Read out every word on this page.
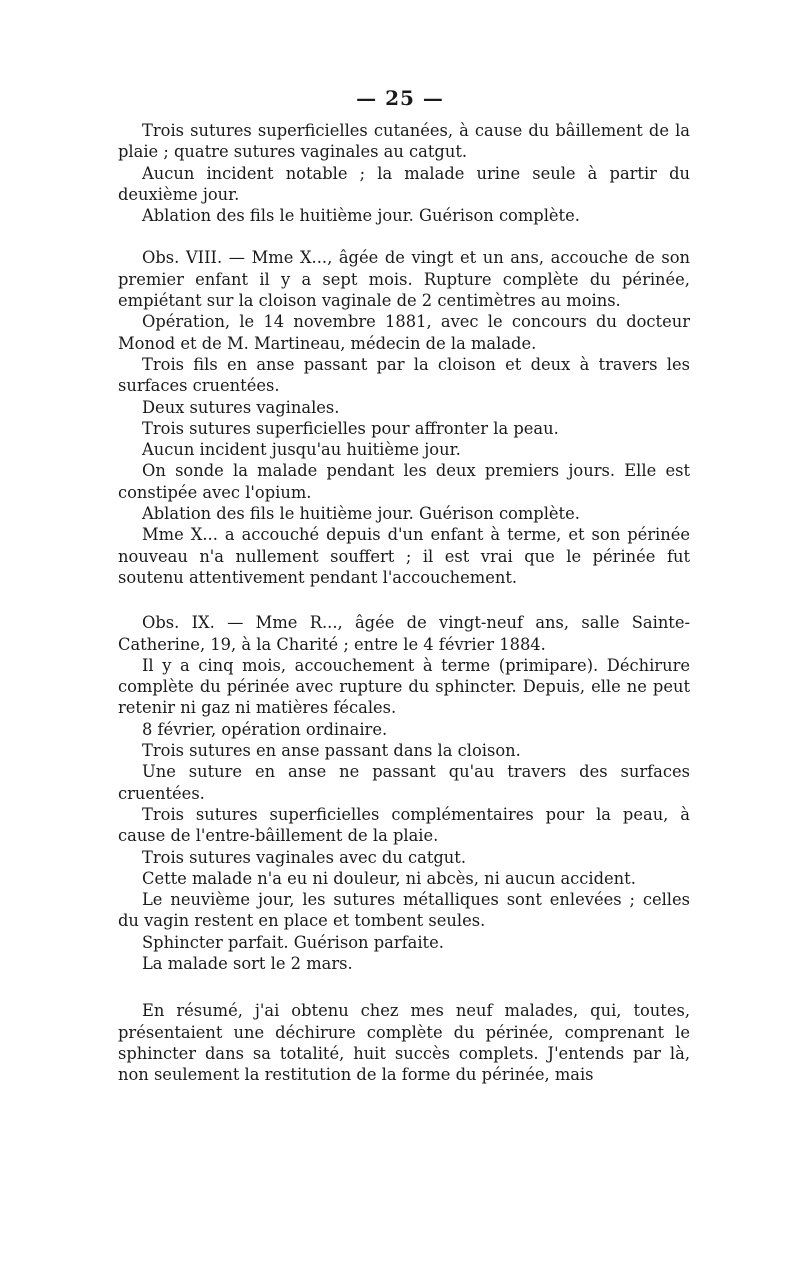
— 25 —

Trois sutures superficielles cutanées, à cause du bâillement de la plaie ; quatre sutures vaginales au catgut.

Aucun incident notable ; la malade urine seule à partir du deuxième jour.

Ablation des fils le huitième jour. Guérison complète.

Obs. VIII. — Mme X..., âgée de vingt et un ans, accouche de son premier enfant il y a sept mois. Rupture complète du périnée, empiétant sur la cloison vaginale de 2 centimètres au moins.

Opération, le 14 novembre 1881, avec le concours du docteur Monod et de M. Martineau, médecin de la malade.

Trois fils en anse passant par la cloison et deux à travers les surfaces cruentées.

Deux sutures vaginales.

Trois sutures superficielles pour affronter la peau.

Aucun incident jusqu'au huitième jour.

On sonde la malade pendant les deux premiers jours. Elle est constipée avec l'opium.

Ablation des fils le huitième jour. Guérison complète.

Mme X... a accouché depuis d'un enfant à terme, et son périnée nouveau n'a nullement souffert ; il est vrai que le périnée fut soutenu attentivement pendant l'accouchement.

Obs. IX. — Mme R..., âgée de vingt-neuf ans, salle Sainte-Catherine, 19, à la Charité ; entre le 4 février 1884.

Il y a cinq mois, accouchement à terme (primipare). Déchirure complète du périnée avec rupture du sphincter. Depuis, elle ne peut retenir ni gaz ni matières fécales.

8 février, opération ordinaire.

Trois sutures en anse passant dans la cloison.

Une suture en anse ne passant qu'au travers des surfaces cruentées.

Trois sutures superficielles complémentaires pour la peau, à cause de l'entre-bâillement de la plaie.

Trois sutures vaginales avec du catgut.

Cette malade n'a eu ni douleur, ni abcès, ni aucun accident.

Le neuvième jour, les sutures métalliques sont enlevées ; celles du vagin restent en place et tombent seules.

Sphincter parfait. Guérison parfaite.

La malade sort le 2 mars.

En résumé, j'ai obtenu chez mes neuf malades, qui, toutes, présentaient une déchirure complète du périnée, comprenant le sphincter dans sa totalité, huit succès complets. J'entends par là, non seulement la restitution de la forme du périnée, mais
